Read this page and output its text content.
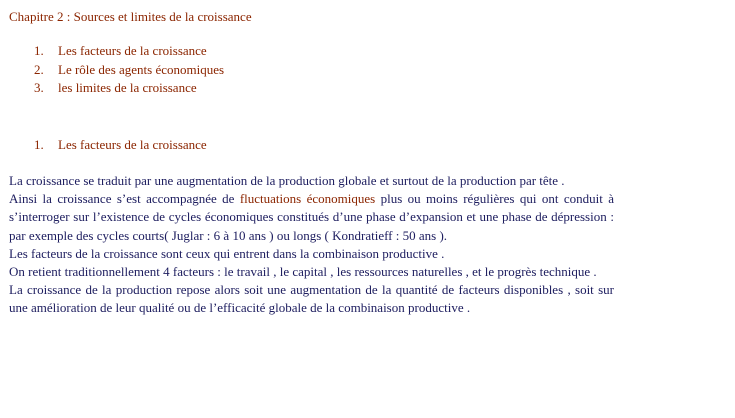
Chapitre 2 : Sources et limites de la croissance

1.	Les facteurs de la croissance
2.	Le rôle des agents économiques
3.	les limites de la croissance
1.	Les facteurs de la croissance

La croissance se traduit par une augmentation de la production globale et surtout de la production par tête .

Ainsi la croissance s’est accompagnée de fluctuations économiques plus ou moins régulières qui ont conduit à s’interroger sur l’existence de cycles économiques constitués d’une phase d’expansion et une phase de dépression : par exemple des cycles courts( Juglar : 6 à 10 ans ) ou longs ( Kondratieff : 50 ans ).

Les facteurs de la croissance sont ceux qui entrent dans la combinaison productive .

On retient traditionnellement 4 facteurs : le travail , le capital , les ressources naturelles , et le progrès technique .

La croissance de la production repose alors soit une augmentation de la quantité de facteurs disponibles , soit sur une amélioration de leur qualité ou de l’efficacité globale de la combinaison productive .
